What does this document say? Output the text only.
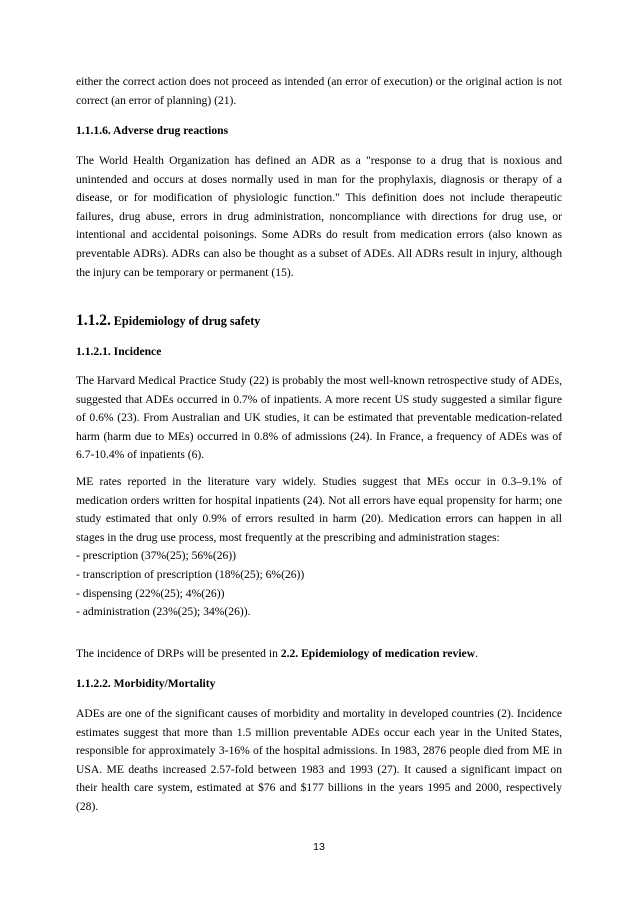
either the correct action does not proceed as intended (an error of execution) or the original action is not correct (an error of planning) (21).

1.1.1.6. Adverse drug reactions

The World Health Organization has defined an ADR as a "response to a drug that is noxious and unintended and occurs at doses normally used in man for the prophylaxis, diagnosis or therapy of a disease, or for modification of physiologic function." This definition does not include therapeutic failures, drug abuse, errors in drug administration, noncompliance with directions for drug use, or intentional and accidental poisonings. Some ADRs do result from medication errors (also known as preventable ADRs). ADRs can also be thought as a subset of ADEs. All ADRs result in injury, although the injury can be temporary or permanent (15).

1.1.2. Epidemiology of drug safety

1.1.2.1. Incidence

The Harvard Medical Practice Study (22) is probably the most well-known retrospective study of ADEs, suggested that ADEs occurred in 0.7% of inpatients. A more recent US study suggested a similar figure of 0.6% (23). From Australian and UK studies, it can be estimated that preventable medication-related harm (harm due to MEs) occurred in 0.8% of admissions (24). In France, a frequency of ADEs was of 6.7-10.4% of inpatients (6).

ME rates reported in the literature vary widely. Studies suggest that MEs occur in 0.3–9.1% of medication orders written for hospital inpatients (24). Not all errors have equal propensity for harm; one study estimated that only 0.9% of errors resulted in harm (20). Medication errors can happen in all stages in the drug use process, most frequently at the prescribing and administration stages:

- prescription (37%(25); 56%(26))
- transcription of prescription (18%(25); 6%(26))
- dispensing (22%(25); 4%(26))
- administration (23%(25); 34%(26)).

The incidence of DRPs will be presented in 2.2. Epidemiology of medication review.

1.1.2.2. Morbidity/Mortality

ADEs are one of the significant causes of morbidity and mortality in developed countries (2). Incidence estimates suggest that more than 1.5 million preventable ADEs occur each year in the United States, responsible for approximately 3-16% of the hospital admissions. In 1983, 2876 people died from ME in USA. ME deaths increased 2.57-fold between 1983 and 1993 (27). It caused a significant impact on their health care system, estimated at $76 and $177 billions in the years 1995 and 2000, respectively (28).

13
